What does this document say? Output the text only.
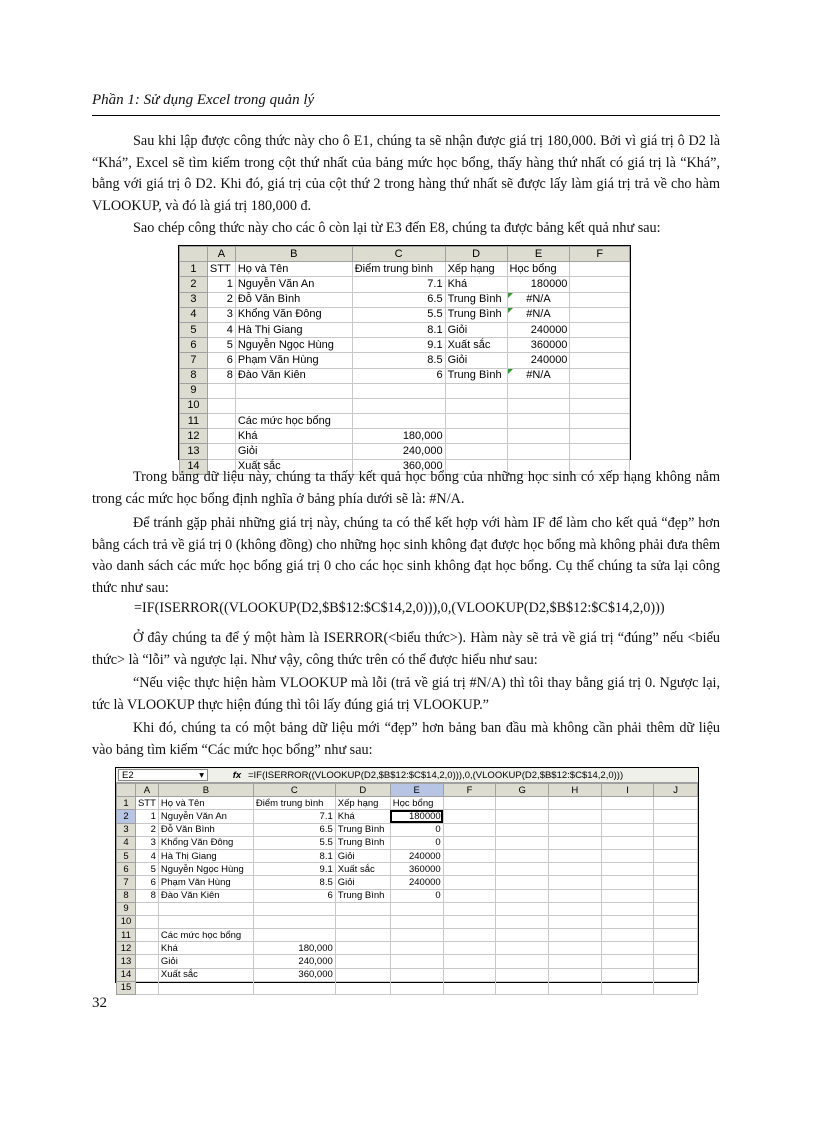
Phần 1: Sử dụng Excel trong quản lý

Sau khi lập được công thức này cho ô E1, chúng ta sẽ nhận được giá trị 180,000. Bởi vì giá trị ô D2 là “Khá”, Excel sẽ tìm kiếm trong cột thứ nhất của bảng mức học bổng, thấy hàng thứ nhất có giá trị là “Khá”, bằng với giá trị ô D2. Khi đó, giá trị của cột thứ 2 trong hàng thứ nhất sẽ được lấy làm giá trị trả về cho hàm VLOOKUP, và đó là giá trị 180,000 đ.

Sao chép công thức này cho các ô còn lại từ E3 đến E8, chúng ta được bảng kết quả như sau:

	A	B	C	D	E	F
1	STT	Họ và Tên	Điểm trung bình	Xếp hạng	Học bổng	
2	1	Nguyễn Văn An	7.1	Khá	180000	
3	2	Đỗ Văn Bình	6.5	Trung Bình	#N/A	
4	3	Khổng Văn Đông	5.5	Trung Bình	#N/A	
5	4	Hà Thị Giang	8.1	Giỏi	240000	
6	5	Nguyễn Ngọc Hùng	9.1	Xuất sắc	360000	
7	6	Phạm Văn Hùng	8.5	Giỏi	240000	
8	8	Đào Văn Kiên	6	Trung Bình	#N/A	
9						
10						
11		Các mức học bổng				
12		Khá	180,000			
13		Giỏi	240,000			
14		Xuất sắc	360,000			

Trong bảng dữ liệu này, chúng ta thấy kết quả học bổng của những học sinh có xếp hạng không nằm trong các mức học bổng định nghĩa ở bảng phía dưới sẽ là: #N/A.

Để tránh gặp phải những giá trị này, chúng ta có thể kết hợp với hàm IF để làm cho kết quả “đẹp” hơn bằng cách trả về giá trị 0 (không đồng) cho những học sinh không đạt được học bổng mà không phải đưa thêm vào danh sách các mức học bổng giá trị 0 cho các học sinh không đạt học bổng. Cụ thể chúng ta sửa lại công thức như sau:

=IF(ISERROR((VLOOKUP(D2,$B$12:$C$14,2,0))),0,(VLOOKUP(D2,$B$12:$C$14,2,0)))

Ở đây chúng ta để ý một hàm là ISERROR(<biểu thức>). Hàm này sẽ trả về giá trị “đúng” nếu <biểu thức> là “lỗi” và ngược lại. Như vậy, công thức trên có thể được hiểu như sau:

“Nếu việc thực hiện hàm VLOOKUP mà lỗi (trả về giá trị #N/A) thì tôi thay bằng giá trị 0. Ngược lại, tức là VLOOKUP thực hiện đúng thì tôi lấy đúng giá trị VLOOKUP.”

Khi đó, chúng ta có một bảng dữ liệu mới “đẹp” hơn bảng ban đầu mà không cần phải thêm dữ liệu vào bảng tìm kiếm “Các mức học bổng” như sau:

E2	▾	fx =IF(ISERROR((VLOOKUP(D2,$B$12:$C$14,2,0))),0,(VLOOKUP(D2,$B$12:$C$14,2,0)))
	A	B	C	D	E	F	G	H	I	J
1	STT	Họ và Tên	Điểm trung bình	Xếp hạng	Học bổng					
2	1	Nguyễn Văn An	7.1	Khá	180000					
3	2	Đỗ Văn Bình	6.5	Trung Bình	0					
4	3	Khổng Văn Đông	5.5	Trung Bình	0					
5	4	Hà Thị Giang	8.1	Giỏi	240000					
6	5	Nguyễn Ngọc Hùng	9.1	Xuất sắc	360000					
7	6	Phạm Văn Hùng	8.5	Giỏi	240000					
8	8	Đào Văn Kiên	6	Trung Bình	0					
9										
10										
11		Các mức học bổng								
12		Khá	180,000							
13		Giỏi	240,000							
14		Xuất sắc	360,000							
15										
32
